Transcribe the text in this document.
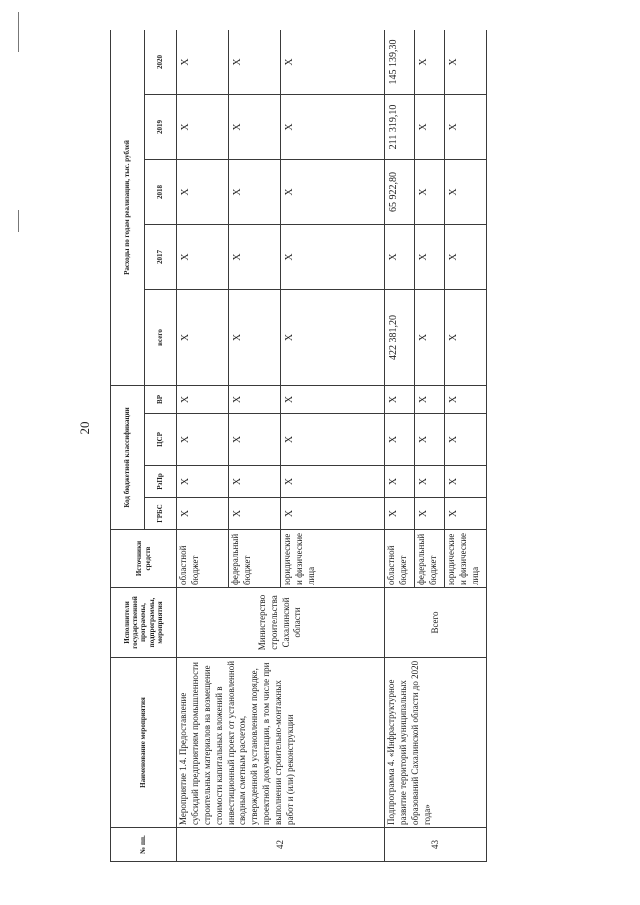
20
№ пп.	Наименование мероприятия	Исполнители государственной программы, подпрограммы, мероприятия	Источники средств	Код бюджетной классификации				Расходы по годам реализации, тыс. рублей				
				ГРБС	РзПр	ЦСР	ВР	всего	2017	2018	2019	2020
42	Мероприятие 1.4. Предоставление субсидий предприятиям промышленности строительных материалов на возмещение стоимости капитальных вложений в инвестиционный проект от установленной сводным сметным расчетом, утвержденной в установленном порядке, проектной документации, в том числе при выполнении строительно-монтажных работ и (или) реконструкции	Министерство строительства Сахалинской области	областной бюджет	Х	Х	Х	Х	Х	Х	Х	Х	Х
			федеральный бюджет	Х	Х	Х	Х	Х	Х	Х	Х	Х
			юридические и физические лица	Х	Х	Х	Х	Х	Х	Х	Х	Х
43	Подпрограмма 4. «Инфраструктурное развитие территорий муниципальных образований Сахалинской области до 2020 года»	Всего	областной бюджет	Х	Х	Х	Х	422 381,20	Х	65 922,80	211 319,10	145 139,30
			федеральный бюджет	Х	Х	Х	Х	Х	Х	Х	Х	Х
			юридические и физические лица	Х	Х	Х	Х	Х	Х	Х	Х	Х
